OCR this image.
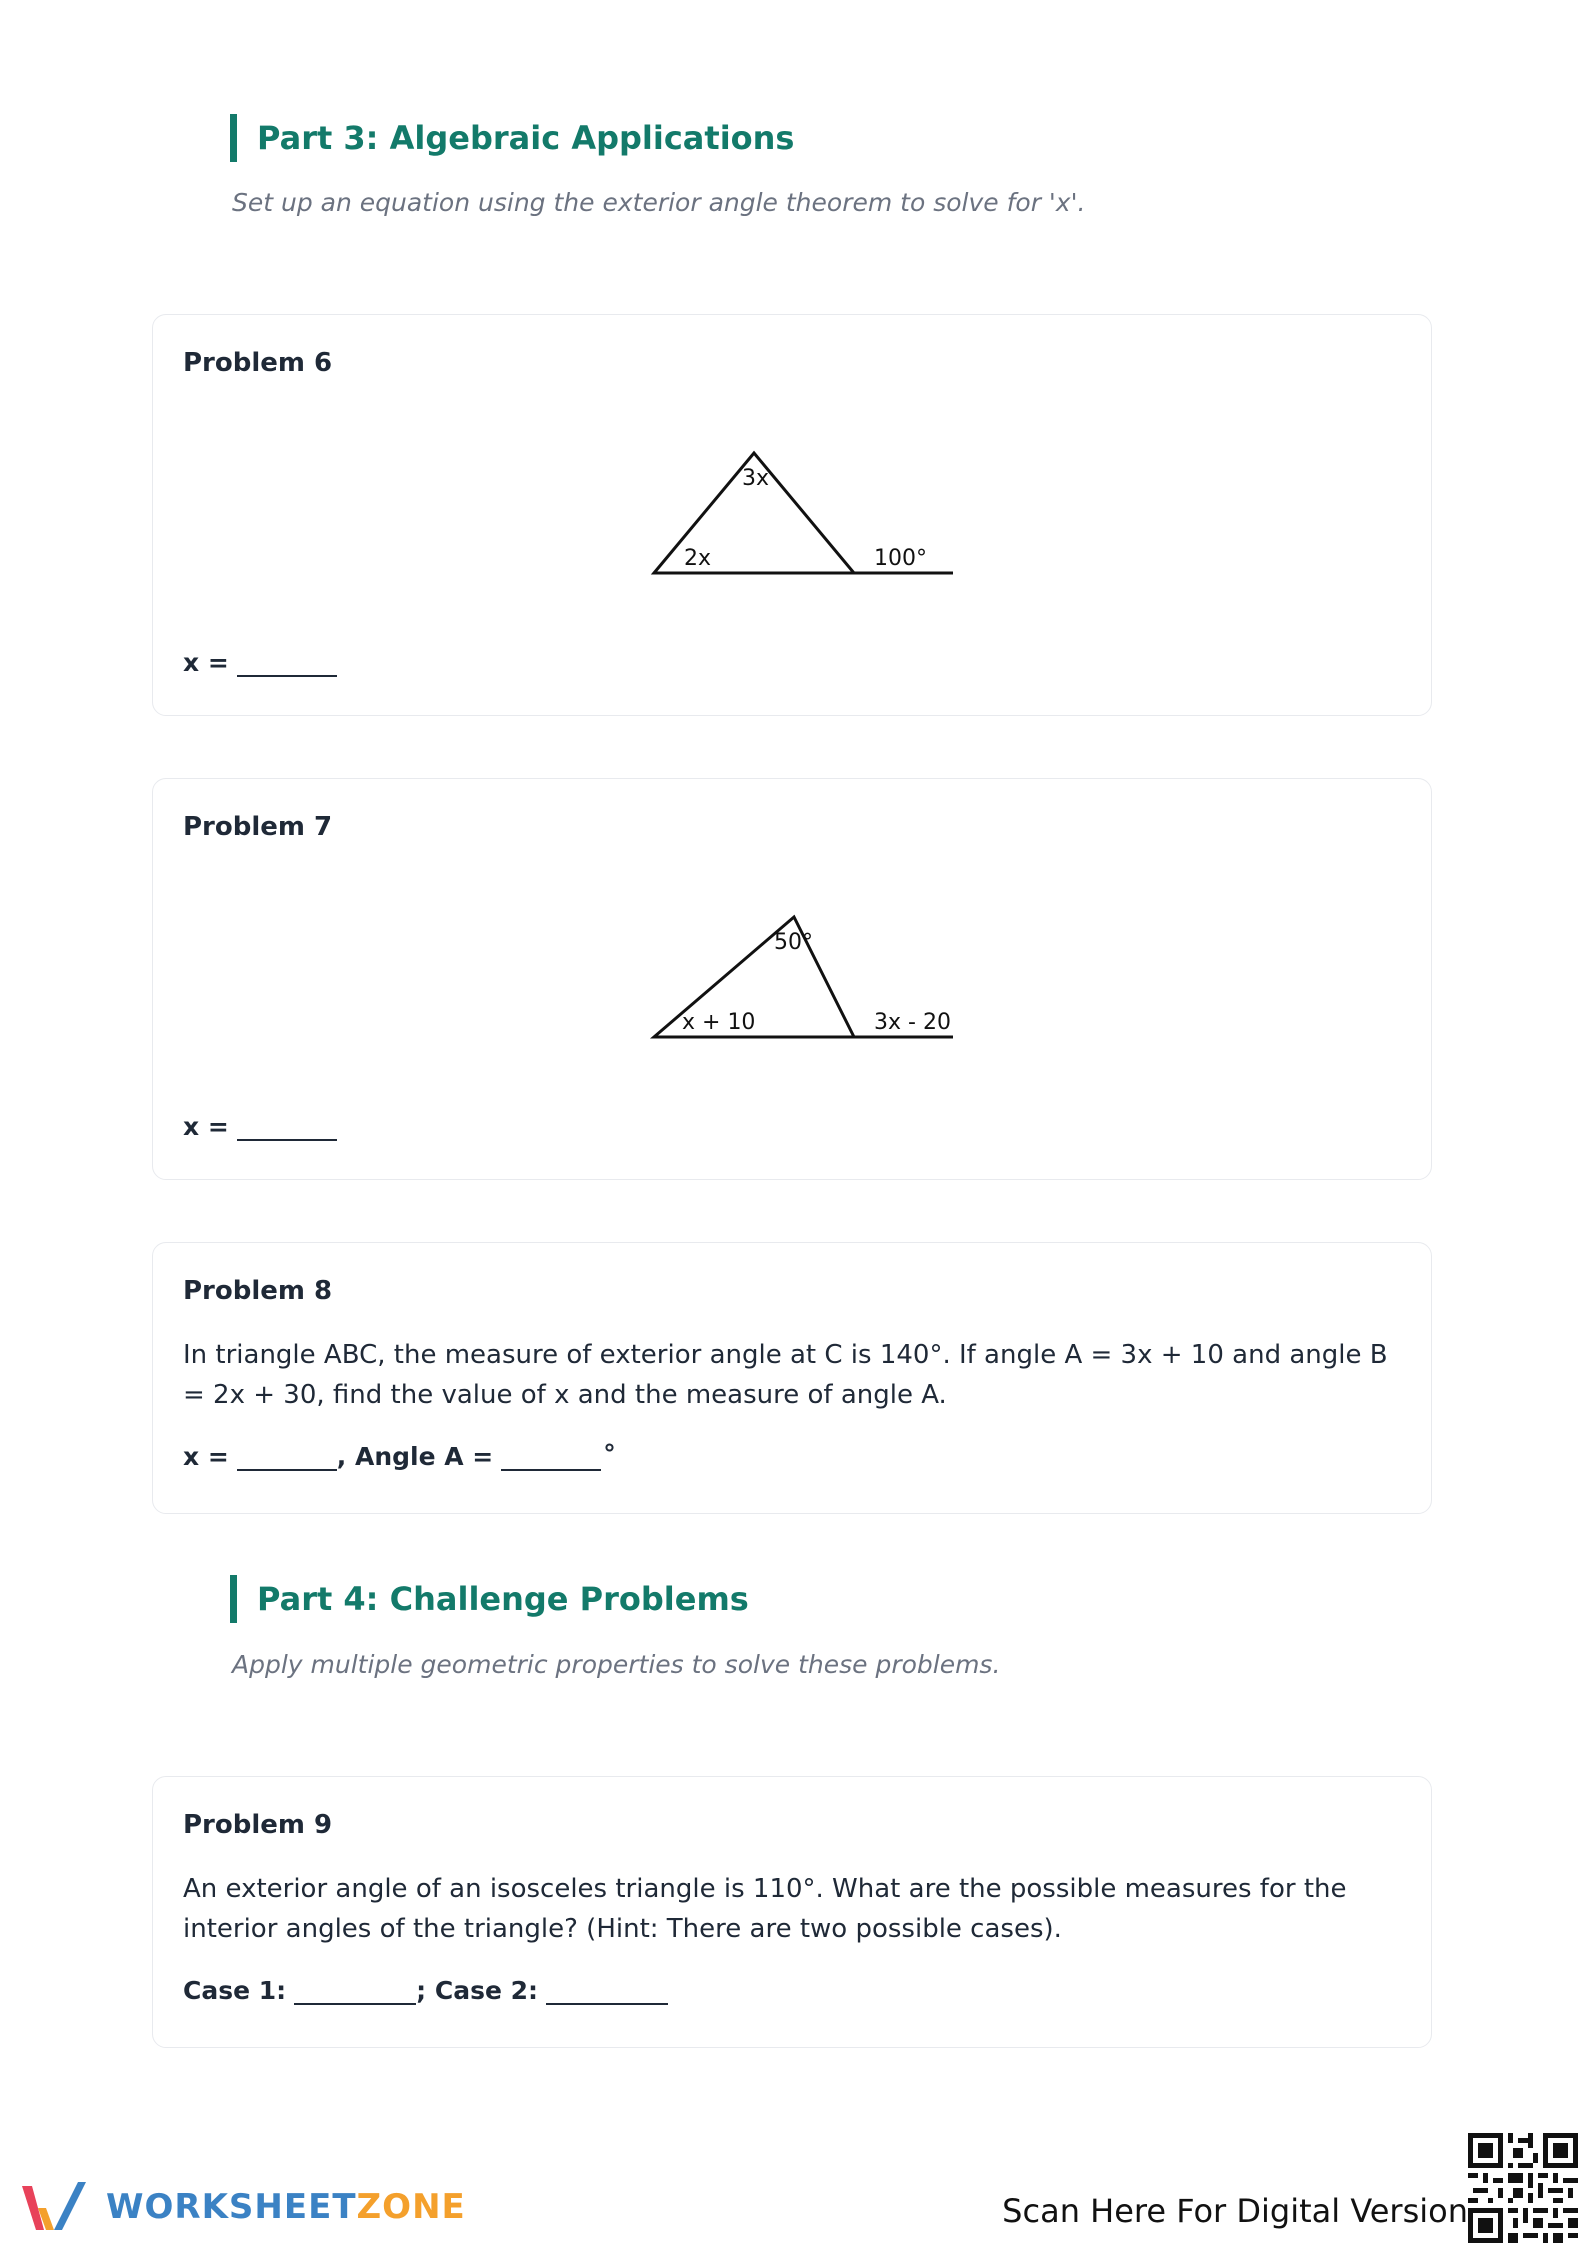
Part 3: Algebraic Applications
Set up an equation using the exterior angle theorem to solve for 'x'.
Problem 6
3x
2x	100°
x =
Problem 7
50°
x + 10	3x - 20
x =
Problem 8
In triangle ABC, the measure of exterior angle at C is 140°. If angle A = 3x + 10 and angle B = 2x + 30, find the value of x and the measure of angle A.
x =	, Angle A =	°
Part 4: Challenge Problems
Apply multiple geometric properties to solve these problems.
Problem 9
An exterior angle of an isosceles triangle is 110°. What are the possible measures for the interior angles of the triangle? (Hint: There are two possible cases).
Case 1:	; Case 2:
WORKSHEETZONE	Scan Here For Digital Version
